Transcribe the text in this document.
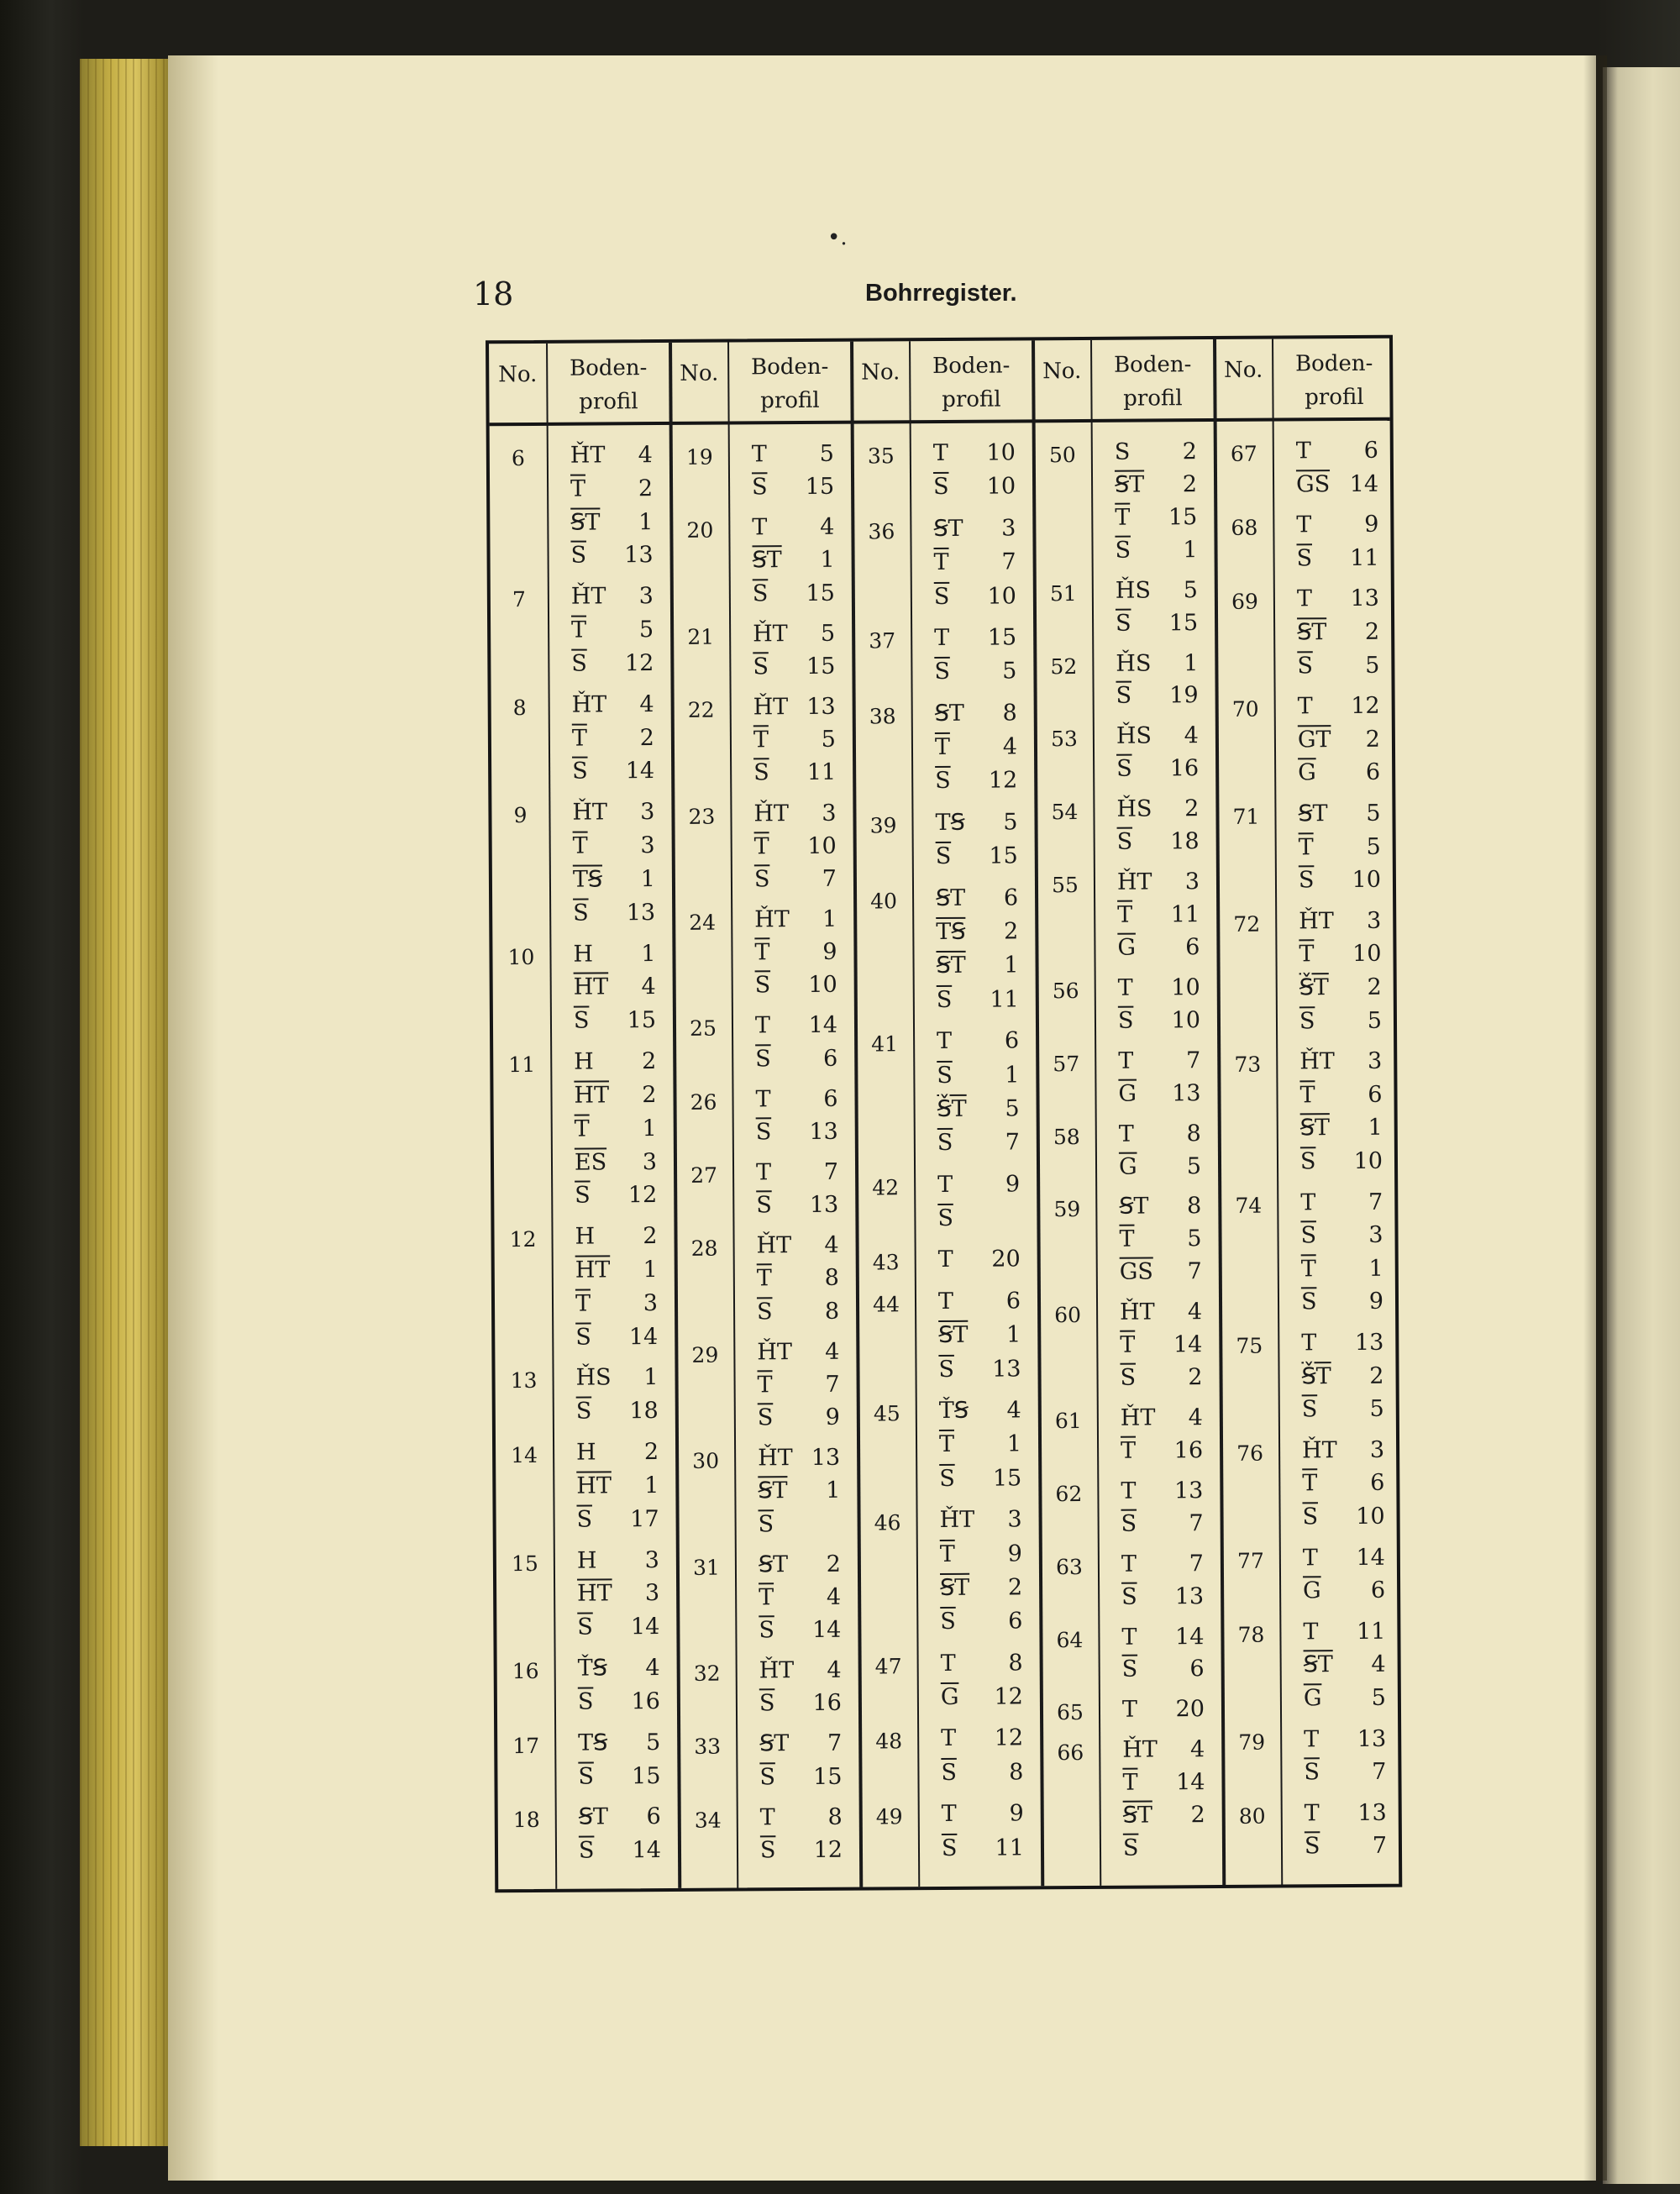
•.
18	Bohrregister.
No.	Boden-
profil
6	ȞT 4
$\overline{T}$ 2
$\overline{ꞨT}$ 1
$\overline{S}$ 13
7	ȞT 3
$\overline{T}$ 5
$\overline{S}$ 12
8	ȞT 4
$\overline{T}$ 2
$\overline{S}$ 14
9	ȞT 3
$\overline{T}$ 3
$\overline{TꞨ}$ 1
$\overline{S}$ 13
10	H 1
$\overline{HT}$ 4
$\overline{S}$ 15
11	H 2
$\overline{HT}$ 2
$\overline{T}$ 1
$\overline{ES}$ 3
$\overline{S}$ 12
12	H 2
$\overline{HT}$ 1
$\overline{T}$ 3
$\overline{S}$ 14
13	ȞS 1
$\overline{S}$ 18
14	H 2
$\overline{HT}$ 1
$\overline{S}$ 17
15	H 3
$\overline{HT}$ 3
$\overline{S}$ 14
16	ŤꞨ 4
$\overline{S}$ 16
17	TꞨ 5
$\overline{S}$ 15
18	ꞨT 6
$\overline{S}$ 14
No.	Boden-
profil
19	T 5
$\overline{S}$ 15
20	T 4
$\overline{ꞨT}$ 1
$\overline{S}$ 15
21	ȞT 5
$\overline{S}$ 15
22	ȞT 13
$\overline{T}$ 5
$\overline{S}$ 11
23	ȞT 3
$\overline{T}$ 10
$\overline{S}$ 7
24	ȞT 1
$\overline{T}$ 9
$\overline{S}$ 10
25	T 14
$\overline{S}$ 6
26	T 6
$\overline{S}$ 13
27	T 7
$\overline{S}$ 13
28	ȞT 4
$\overline{T}$ 8
$\overline{S}$ 8
29	ȞT 4
$\overline{T}$ 7
$\overline{S}$ 9
30	ȞT 13
$\overline{ꞨT}$ 1
$\overline{S}$
31	ꞨT 2
$\overline{T}$ 4
$\overline{S}$ 14
32	ȞT 4
$\overline{S}$ 16
33	ꞨT 7
$\overline{S}$ 15
34	T 8
$\overline{S}$ 12
No.	Boden-
profil
35	T 10
$\overline{S}$ 10
36	ꞨT 3
$\overline{T}$ 7
$\overline{S}$ 10
37	T 15
$\overline{S}$ 5
38	ꞨT 8
$\overline{T}$ 4
$\overline{S}$ 12
39	TꞨ 5
$\overline{S}$ 15
40	ꞨT 6
$\overline{TꞨ}$ 2
$\overline{ꞨT}$ 1
$\overline{S}$ 11
41	T 6
$\overline{S}$ 1
Ꞩ̌T 5
$\overline{S}$ 7
42	T 9
$\overline{S}$
43	T 20
44	T 6
$\overline{ꞨT}$ 1
$\overline{S}$ 13
45	ŤꞨ 4
$\overline{T}$ 1
$\overline{S}$ 15
46	ȞT 3
$\overline{T}$ 9
$\overline{ꞨT}$ 2
$\overline{S}$ 6
47	T 8
$\overline{G}$ 12
48	T 12
$\overline{S}$ 8
49	T 9
$\overline{S}$ 11
No.	Boden-
profil
50	S 2
$\overline{ꞨT}$ 2
$\overline{T}$ 15
$\overline{S}$ 1
51	ȞS 5
$\overline{S}$ 15
52	ȞS 1
$\overline{S}$ 19
53	ȞS 4
$\overline{S}$ 16
54	ȞS 2
$\overline{S}$ 18
55	ȞT 3
$\overline{T}$ 11
$\overline{G}$ 6
56	T 10
$\overline{S}$ 10
57	T 7
$\overline{G}$ 13
58	T 8
$\overline{G}$ 5
59	ꞨT 8
$\overline{T}$ 5
$\overline{GS}$ 7
60	ȞT 4
$\overline{T}$ 14
$\overline{S}$ 2
61	ȞT 4
$\overline{T}$ 16
62	T 13
$\overline{S}$ 7
63	T 7
$\overline{S}$ 13
64	T 14
$\overline{S}$ 6
65	T 20
66	ȞT 4
$\overline{T}$ 14
$\overline{ꞨT}$ 2
$\overline{S}$
No.	Boden-
profil
67	T 6
$\overline{GS}$ 14
68	T 9
$\overline{S}$ 11
69	T 13
$\overline{ꞨT}$ 2
$\overline{S}$ 5
70	T 12
$\overline{GT}$ 2
$\overline{G}$ 6
71	ꞨT 5
$\overline{T}$ 5
$\overline{S}$ 10
72	ȞT 3
$\overline{T}$ 10
Ꞩ̌T 2
$\overline{S}$ 5
73	ȞT 3
$\overline{T}$ 6
$\overline{ꞨT}$ 1
$\overline{S}$ 10
74	T 7
$\overline{S}$ 3
$\overline{T}$ 1
$\overline{S}$ 9
75	T 13
Ꞩ̌T 2
$\overline{S}$ 5
76	ȞT 3
$\overline{T}$ 6
$\overline{S}$ 10
77	T 14
$\overline{G}$ 6
78	T 11
$\overline{ꞨT}$ 4
$\overline{G}$ 5
79	T 13
$\overline{S}$ 7
80	T 13
$\overline{S}$ 7
